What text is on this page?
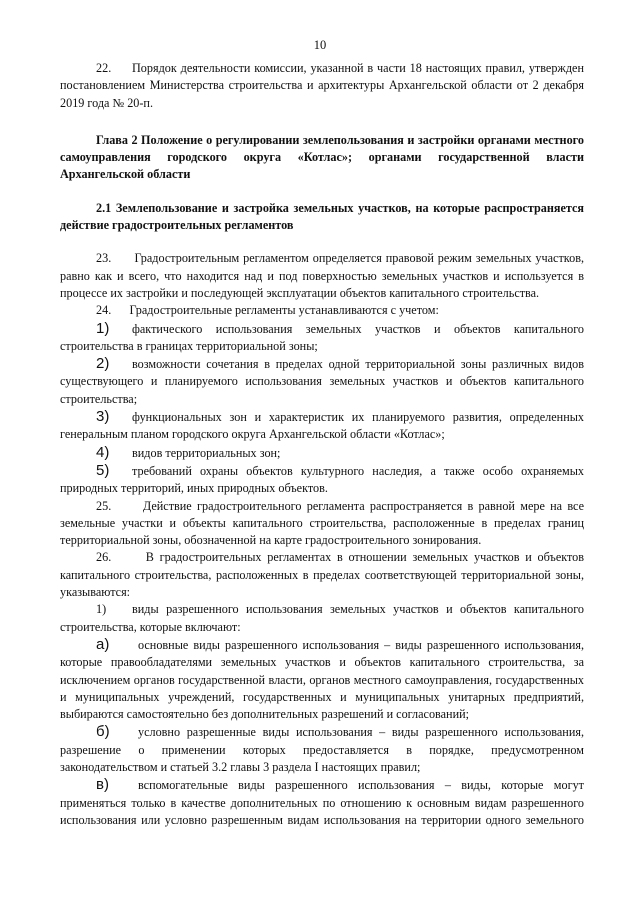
10

22. Порядок деятельности комиссии, указанной в части 18 настоящих правил, утвержден постановлением Министерства строительства и архитектуры Архангельской области от 2 декабря 2019 года № 20-п.

Глава 2 Положение о регулировании землепользования и застройки органами местного самоуправления городского округа «Котлас»; органами государственной власти Архангельской области

2.1 Землепользование и застройка земельных участков, на которые распространяется действие градостроительных регламентов

23.      Градостроительным регламентом определяется правовой режим земельных участков, равно как и всего, что находится над и под поверхностью земельных участков и используется в процессе их застройки и последующей эксплуатации объектов капитального строительства.

24.      Градостроительные регламенты устанавливаются с учетом:

1) фактического использования земельных участков и объектов капитального строительства в границах территориальной зоны;

2) возможности сочетания в пределах одной территориальной зоны различных видов существующего и планируемого использования земельных участков и объектов капитального строительства;

3) функциональных зон и характеристик их планируемого развития, определенных генеральным планом городского округа Архангельской области «Котлас»;

4) видов территориальных зон;

5) требований охраны объектов культурного наследия, а также особо охраняемых природных территорий, иных природных объектов.

25.      Действие градостроительного регламента распространяется в равной мере на все земельные участки и объекты капитального строительства, расположенные в пределах границ территориальной зоны, обозначенной на карте градостроительного зонирования.

26.      В градостроительных регламентах в отношении земельных участков и объектов капитального строительства, расположенных в пределах соответствующей территориальной зоны, указываются:

1) виды разрешенного использования земельных участков и объектов капитального строительства, которые включают:

а) основные виды разрешенного использования – виды разрешенного использования, которые правообладателями земельных участков и объектов капитального строительства, за исключением органов государственной власти, органов местного самоуправления, государственных и муниципальных учреждений, государственных и муниципальных унитарных предприятий, выбираются самостоятельно без дополнительных разрешений и согласований;

б) условно разрешенные виды использования – виды разрешенного использования, разрешение о применении которых предоставляется в порядке, предусмотренном законодательством и статьей 3.2 главы 3 раздела I настоящих правил;

в) вспомогательные виды разрешенного использования – виды, которые могут применяться только в качестве дополнительных по отношению к основным видам разрешенного использования или условно разрешенным видам использования на территории одного земельного
